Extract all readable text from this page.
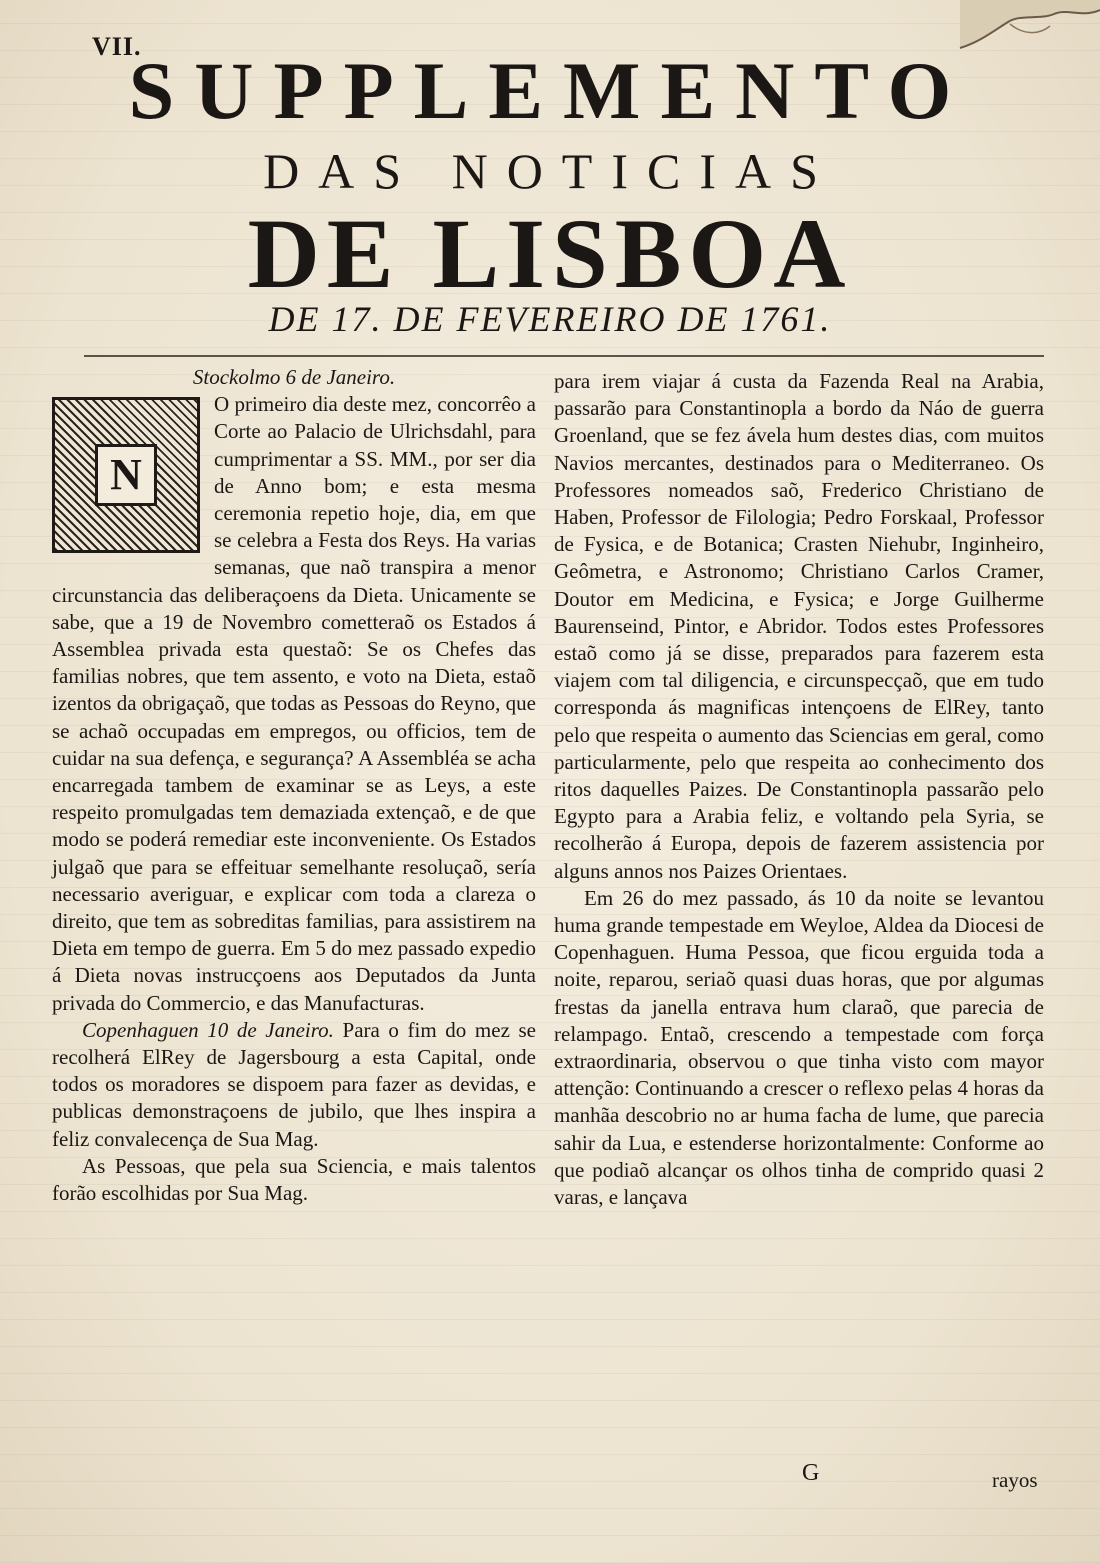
VII.
SUPPLEMENTO
DAS NOTICIAS
DE LISBOA
DE 17. DE FEVEREIRO DE 1761.
Stockolmo 6 de Janeiro.
N

O primeiro dia deste mez, concorrêo a Corte ao Palacio de Ulrichsdahl, para cumprimentar a SS. MM., por ser dia de Anno bom; e esta mesma ceremonia repetio hoje, dia, em que se celebra a Festa dos Reys. Ha varias semanas, que naõ transpira a menor circunstancia das deliberaçoens da Dieta. Unicamente se sabe, que a 19 de Novembro cometteraõ os Estados á Assemblea privada esta questaõ: Se os Chefes das familias nobres, que tem assento, e voto na Dieta, estaõ izentos da obrigaçaõ, que todas as Pessoas do Reyno, que se achaõ occupadas em empregos, ou officios, tem de cuidar na sua defença, e segurança? A Assembléa se acha encarregada tambem de examinar se as Leys, a este respeito promulgadas tem demaziada extençaõ, e de que modo se poderá remediar este inconveniente. Os Estados julgaõ que para se effeituar semelhante resoluçaõ, sería necessario averiguar, e explicar com toda a clareza o direito, que tem as sobreditas familias, para assistirem na Dieta em tempo de guerra. Em 5 do mez passado expedio á Dieta novas instrucçoens aos Deputados da Junta privada do Commercio, e das Manufacturas.

Copenhaguen 10 de Janeiro. Para o fim do mez se recolherá ElRey de Jagersbourg a esta Capital, onde todos os moradores se dispoem para fazer as devidas, e publicas demonstraçoens de jubilo, que lhes inspira a feliz convalecença de Sua Mag.

As Pessoas, que pela sua Sciencia, e mais talentos forão escolhidas por Sua Mag.

para irem viajar á custa da Fazenda Real na Arabia, passarão para Constantinopla a bordo da Náo de guerra Groenland, que se fez ávela hum destes dias, com muitos Navios mercantes, destinados para o Mediterraneo. Os Professores nomeados saõ, Frederico Christiano de Haben, Professor de Filologia; Pedro Forskaal, Professor de Fysica, e de Botanica; Crasten Niehubr, Inginheiro, Geômetra, e Astronomo; Christiano Carlos Cramer, Doutor em Medicina, e Fysica; e Jorge Guilherme Baurenseind, Pintor, e Abridor. Todos estes Professores estaõ como já se disse, preparados para fazerem esta viajem com tal diligencia, e circunspecçaõ, que em tudo corresponda ás magnificas intençoens de ElRey, tanto pelo que respeita o aumento das Sciencias em geral, como particularmente, pelo que respeita ao conhecimento dos ritos daquelles Paizes. De Constantinopla passarão pelo Egypto para a Arabia feliz, e voltando pela Syria, se recolherão á Europa, depois de fazerem assistencia por alguns annos nos Paizes Orientaes.

Em 26 do mez passado, ás 10 da noite se levantou huma grande tempestade em Weyloe, Aldea da Diocesi de Copenhaguen. Huma Pessoa, que ficou erguida toda a noite, reparou, seriaõ quasi duas horas, que por algumas frestas da janella entrava hum claraõ, que parecia de relampago. Entaõ, crescendo a tempestade com força extraordinaria, observou o que tinha visto com mayor attenção: Continuando a crescer o reflexo pelas 4 horas da manhãa descobrio no ar huma facha de lume, que parecia sahir da Lua, e estenderse horizontalmente: Conforme ao que podiaõ alcançar os olhos tinha de comprido quasi 2 varas, e lançava

G	rayos
